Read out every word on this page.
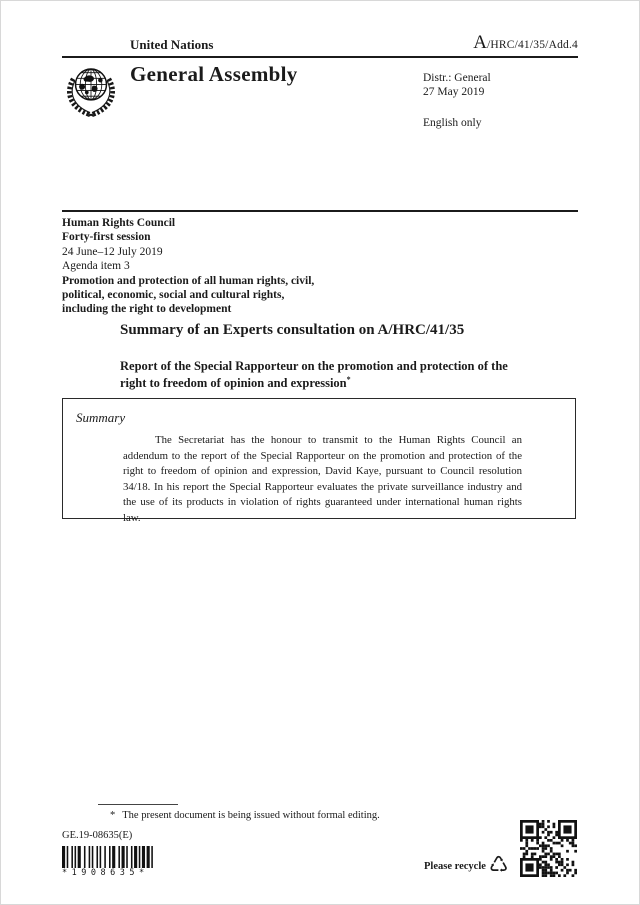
United Nations	A/HRC/41/35/Add.4
General Assembly	Distr.: General
27 May 2019
English only
Human Rights Council
Forty-first session
24 June–12 July 2019
Agenda item 3
Promotion and protection of all human rights, civil,
political, economic, social and cultural rights,
including the right to development
Summary of an Experts consultation on A/HRC/41/35
Report of the Special Rapporteur on the promotion and protection of the right to freedom of opinion and expression*
Summary

The Secretariat has the honour to transmit to the Human Rights Council an addendum to the report of the Special Rapporteur on the promotion and protection of the right to freedom of opinion and expression, David Kaye, pursuant to Council resolution 34/18. In his report the Special Rapporteur evaluates the private surveillance industry and the use of its products in violation of rights guaranteed under international human rights law.

* The present document is being issued without formal editing.
GE.19-08635(E)
*1908635*
Please recycle ♺
